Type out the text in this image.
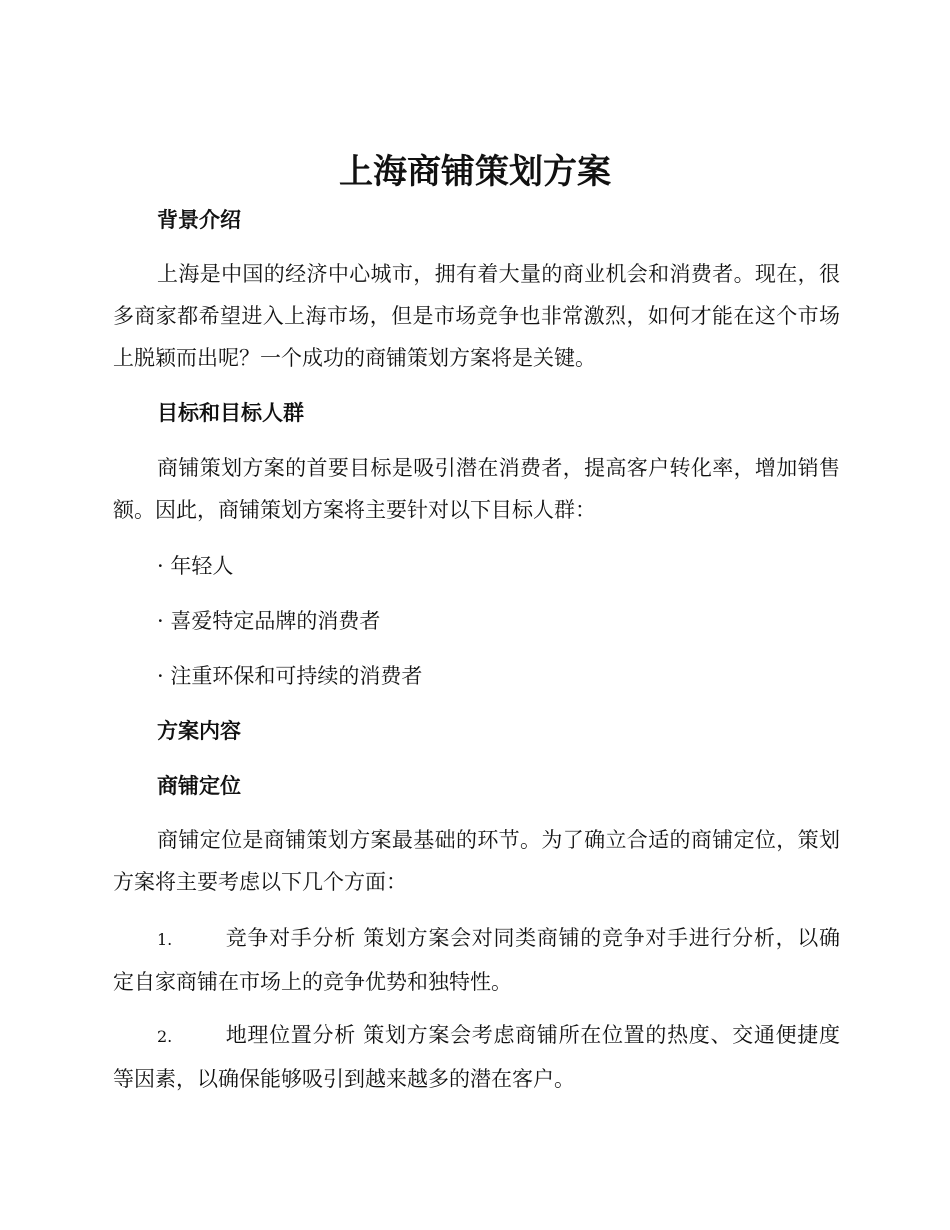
上海商铺策划方案
背景介绍
上海是中国的经济中心城市，拥有着大量的商业机会和消费者。现在，很多商家都希望进入上海市场，但是市场竞争也非常激烈，如何才能在这个市场上脱颖而出呢？一个成功的商铺策划方案将是关键。
目标和目标人群
商铺策划方案的首要目标是吸引潜在消费者，提高客户转化率，增加销售额。因此，商铺策划方案将主要针对以下目标人群：
· 年轻人
· 喜爱特定品牌的消费者
· 注重环保和可持续的消费者
方案内容
商铺定位
商铺定位是商铺策划方案最基础的环节。为了确立合适的商铺定位，策划方案将主要考虑以下几个方面：
1.	竞争对手分析 策划方案会对同类商铺的竞争对手进行分析，以确定自家商铺在市场上的竞争优势和独特性。
2.	地理位置分析 策划方案会考虑商铺所在位置的热度、交通便捷度等因素，以确保能够吸引到越来越多的潜在客户。
